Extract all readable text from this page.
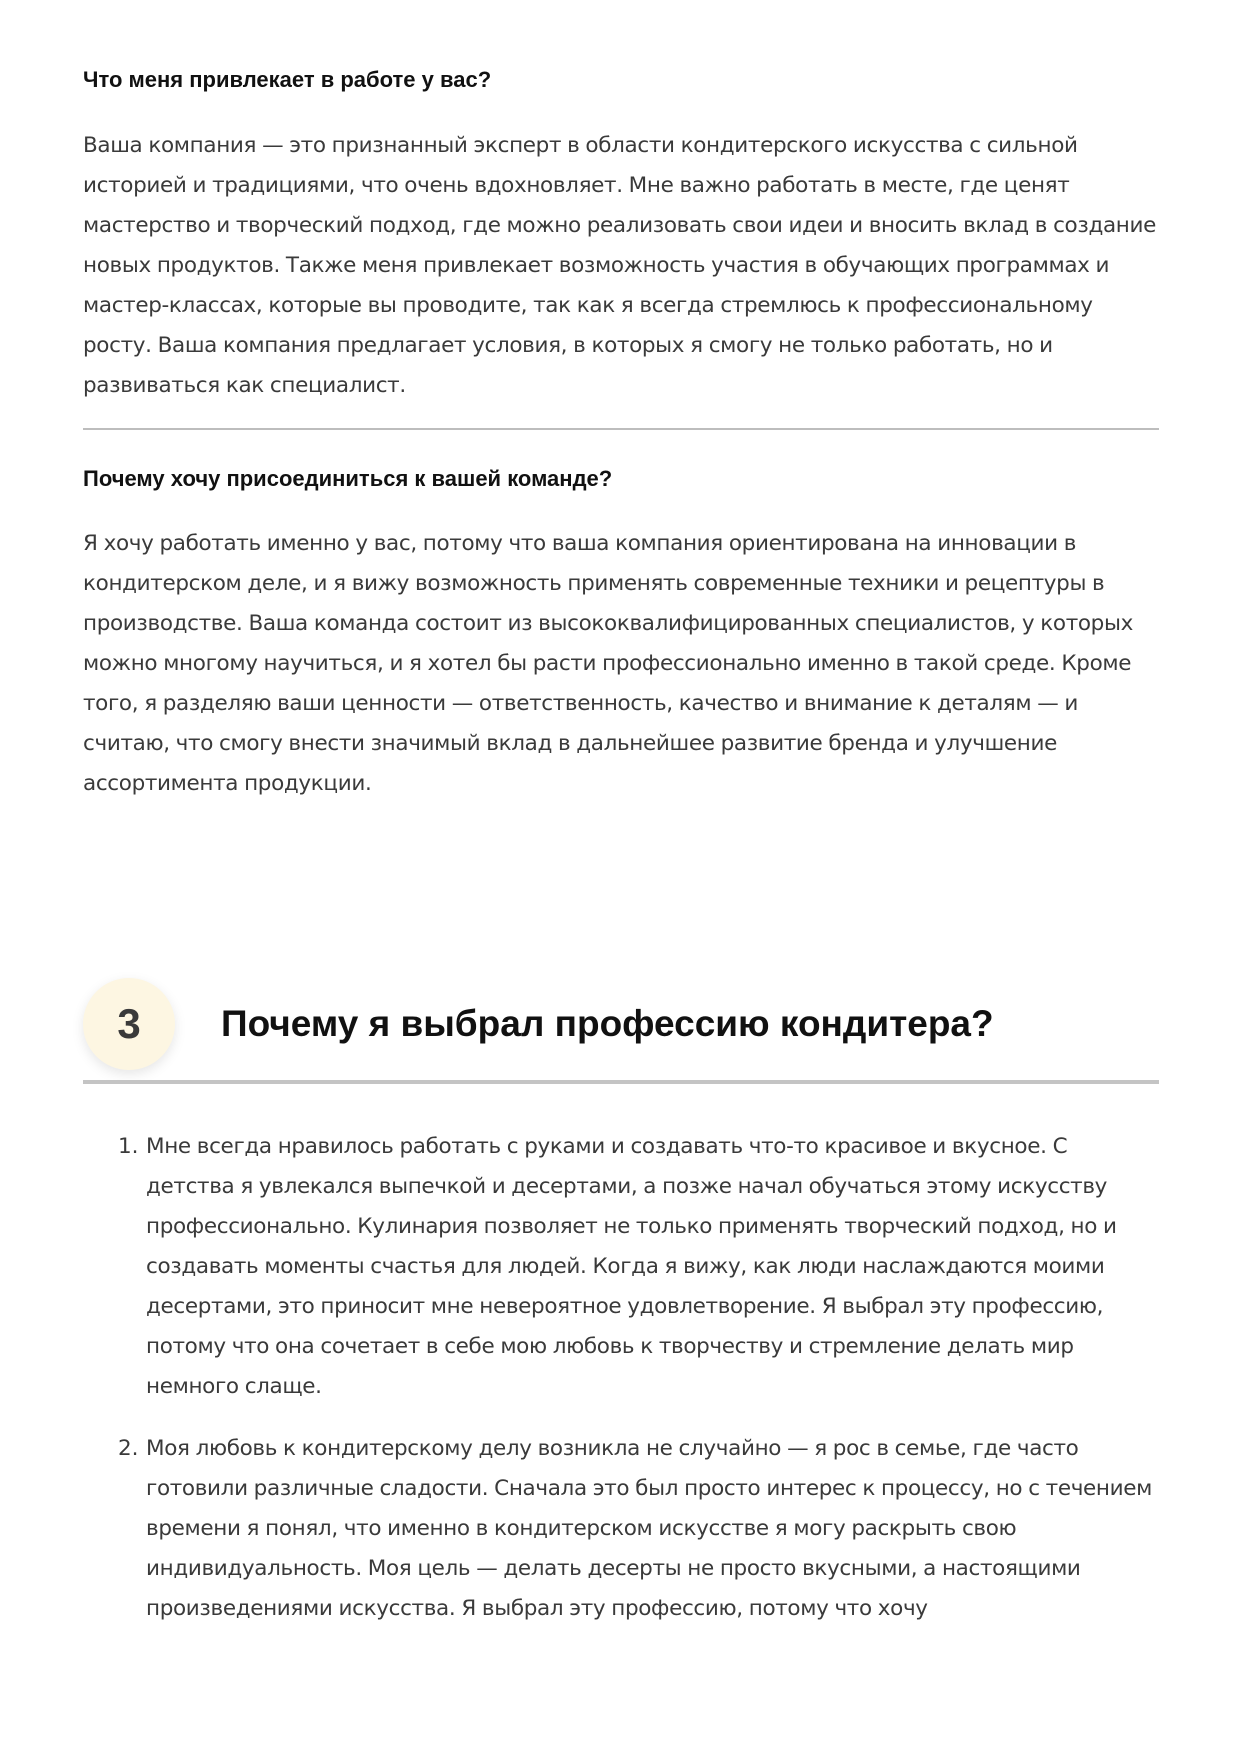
Что меня привлекает в работе у вас?

Ваша компания — это признанный эксперт в области кондитерского искусства с сильной историей и традициями, что очень вдохновляет. Мне важно работать в месте, где ценят мастерство и творческий подход, где можно реализовать свои идеи и вносить вклад в создание новых продуктов. Также меня привлекает возможность участия в обучающих программах и мастер-классах, которые вы проводите, так как я всегда стремлюсь к профессиональному росту. Ваша компания предлагает условия, в которых я смогу не только работать, но и развиваться как специалист.

Почему хочу присоединиться к вашей команде?

Я хочу работать именно у вас, потому что ваша компания ориентирована на инновации в кондитерском деле, и я вижу возможность применять современные техники и рецептуры в производстве. Ваша команда состоит из высококвалифицированных специалистов, у которых можно многому научиться, и я хотел бы расти профессионально именно в такой среде. Кроме того, я разделяю ваши ценности — ответственность, качество и внимание к деталям — и считаю, что смогу внести значимый вклад в дальнейшее развитие бренда и улучшение ассортимента продукции.

3	Почему я выбрал профессию кондитера?
1. Мне всегда нравилось работать с руками и создавать что-то красивое и вкусное. С детства я увлекался выпечкой и десертами, а позже начал обучаться этому искусству профессионально. Кулинария позволяет не только применять творческий подход, но и создавать моменты счастья для людей. Когда я вижу, как люди наслаждаются моими десертами, это приносит мне невероятное удовлетворение. Я выбрал эту профессию, потому что она сочетает в себе мою любовь к творчеству и стремление делать мир немного слаще.

2. Моя любовь к кондитерскому делу возникла не случайно — я рос в семье, где часто готовили различные сладости. Сначала это был просто интерес к процессу, но с течением времени я понял, что именно в кондитерском искусстве я могу раскрыть свою индивидуальность. Моя цель — делать десерты не просто вкусными, а настоящими произведениями искусства. Я выбрал эту профессию, потому что хочу
